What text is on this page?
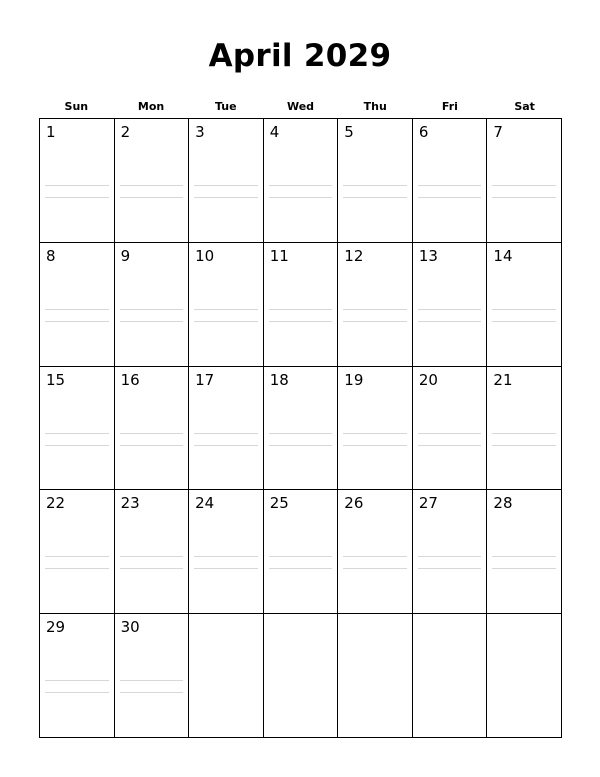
April 2029
Sun	Mon	Tue	Wed	Thu	Fri	Sat
1	2	3	4	5	6	7
8	9	10	11	12	13	14
15	16	17	18	19	20	21
22	23	24	25	26	27	28
29	30
